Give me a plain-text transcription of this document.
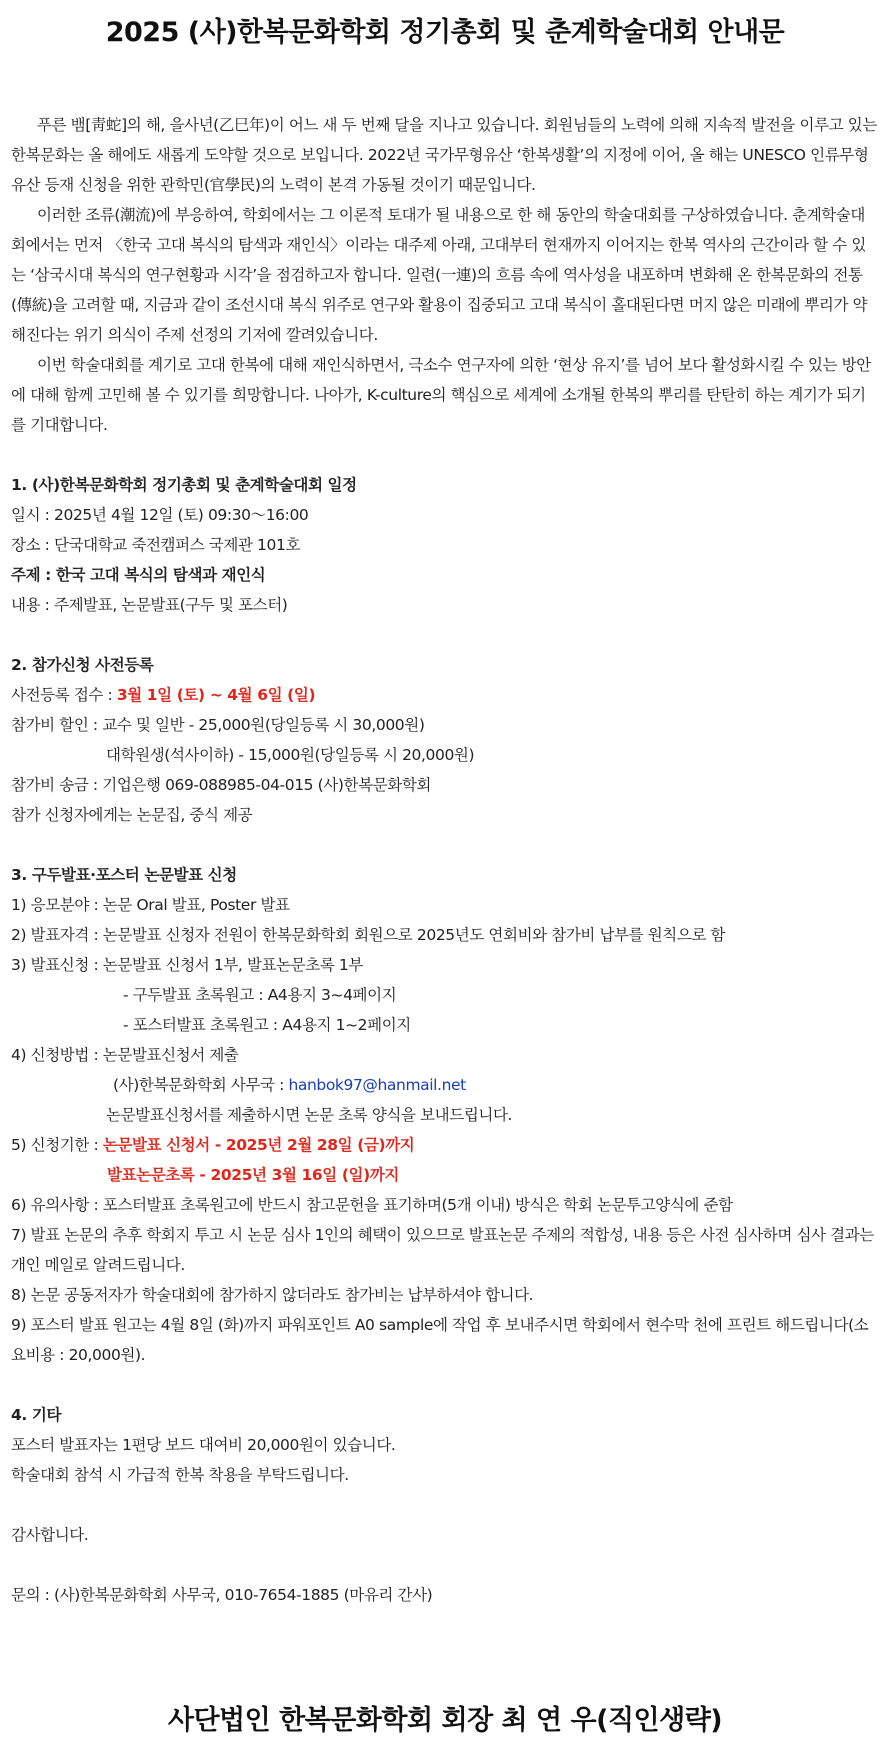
2025 (사)한복문화학회 정기총회 및 춘계학술대회 안내문

푸른 뱀[靑蛇]의 해, 을사년(乙巳年)이 어느 새 두 번째 달을 지나고 있습니다. 회원님들의 노력에 의해 지속적 발전을 이루고 있는 한복문화는 올 해에도 새롭게 도약할 것으로 보입니다. 2022년 국가무형유산 ‘한복생활’의 지정에 이어, 올 해는 UNESCO 인류무형유산 등재 신청을 위한 관학민(官學民)의 노력이 본격 가동될 것이기 때문입니다.

이러한 조류(潮流)에 부응하여, 학회에서는 그 이론적 토대가 될 내용으로 한 해 동안의 학술대회를 구상하였습니다. 춘계학술대회에서는 먼저 〈한국 고대 복식의 탐색과 재인식〉이라는 대주제 아래, 고대부터 현재까지 이어지는 한복 역사의 근간이라 할 수 있는 ‘삼국시대 복식의 연구현황과 시각’을 점검하고자 합니다. 일련(一連)의 흐름 속에 역사성을 내포하며 변화해 온 한복문화의 전통(傳統)을 고려할 때, 지금과 같이 조선시대 복식 위주로 연구와 활용이 집중되고 고대 복식이 홀대된다면 머지 않은 미래에 뿌리가 약해진다는 위기 의식이 주제 선정의 기저에 깔려있습니다.

이번 학술대회를 계기로 고대 한복에 대해 재인식하면서, 극소수 연구자에 의한 ‘현상 유지’를 넘어 보다 활성화시킬 수 있는 방안에 대해 함께 고민해 볼 수 있기를 희망합니다. 나아가, K-culture의 핵심으로 세계에 소개될 한복의 뿌리를 탄탄히 하는 계기가 되기를 기대합니다.

1. (사)한복문화학회 정기총회 및 춘계학술대회 일정

일시 : 2025년 4월 12일 (토) 09:30～16:00

장소 : 단국대학교 죽전캠퍼스 국제관 101호

주제 : 한국 고대 복식의 탐색과 재인식

내용 : 주제발표, 논문발표(구두 및 포스터)

2. 참가신청 사전등록

사전등록 접수 : 3월 1일 (토) ~ 4월 6일 (일)

참가비 할인 : 교수 및 일반 - 25,000원(당일등록 시 30,000원)

대학원생(석사이하) - 15,000원(당일등록 시 20,000원)

참가비 송금 : 기업은행 069-088985-04-015 (사)한복문화학회

참가 신청자에게는 논문집, 중식 제공

3. 구두발표·포스터 논문발표 신청

1) 응모분야 : 논문 Oral 발표, Poster 발표

2) 발표자격 : 논문발표 신청자 전원이 한복문화학회 회원으로 2025년도 연회비와 참가비 납부를 원칙으로 함

3) 발표신청 : 논문발표 신청서 1부, 발표논문초록 1부

- 구두발표 초록원고 : A4용지 3~4페이지

- 포스터발표 초록원고 : A4용지 1~2페이지

4) 신청방법 : 논문발표신청서 제출

(사)한복문화학회 사무국 : hanbok97@hanmail.net

논문발표신청서를 제출하시면 논문 초록 양식을 보내드립니다.

5) 신청기한 : 논문발표 신청서 - 2025년 2월 28일 (금)까지

발표논문초록 - 2025년 3월 16일 (일)까지

6) 유의사항 : 포스터발표 초록원고에 반드시 참고문헌을 표기하며(5개 이내) 방식은 학회 논문투고양식에 준함

7) 발표 논문의 추후 학회지 투고 시 논문 심사 1인의 혜택이 있으므로 발표논문 주제의 적합성, 내용 등은 사전 심사하며 심사 결과는 개인 메일로 알려드립니다.

8) 논문 공동저자가 학술대회에 참가하지 않더라도 참가비는 납부하셔야 합니다.

9) 포스터 발표 원고는 4월 8일 (화)까지 파워포인트 A0 sample에 작업 후 보내주시면 학회에서 현수막 천에 프린트 해드립니다(소요비용 : 20,000원).

4. 기타

포스터 발표자는 1편당 보드 대여비 20,000원이 있습니다.

학술대회 참석 시 가급적 한복 착용을 부탁드립니다.

감사합니다.

문의 : (사)한복문화학회 사무국, 010-7654-1885 (마유리 간사)

사단법인 한복문화학회 회장 최 연 우(직인생략)
